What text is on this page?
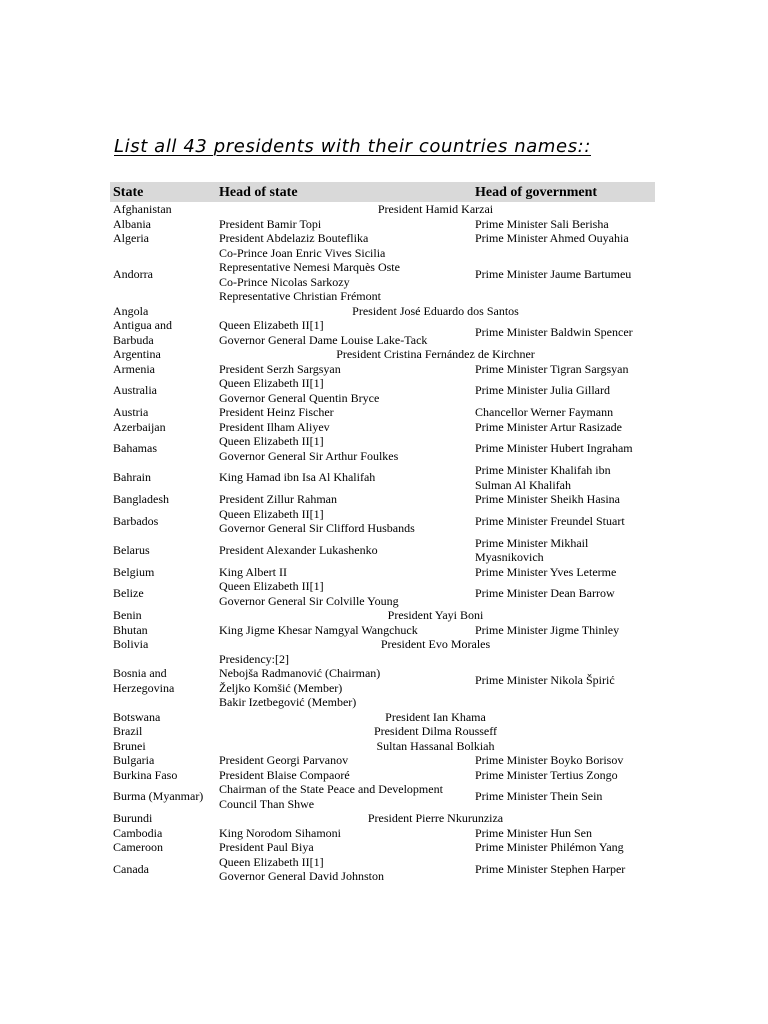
List all 43 presidents with their countries names::
State	Head of state	Head of government

Afghanistan	President Hamid Karzai	

Albania	President Bamir Topi	Prime Minister Sali Berisha

Algeria	President Abdelaziz Bouteflika	Prime Minister Ahmed Ouyahia

Andorra	Co-Prince Joan Enric Vives Sicilia
Representative Nemesi Marquès Oste
Co-Prince Nicolas Sarkozy
Representative Christian Frémont	Prime Minister Jaume Bartumeu

Angola	President José Eduardo dos Santos	

Antigua and
Barbuda	Queen Elizabeth II[1]
Governor General Dame Louise Lake-Tack	Prime Minister Baldwin Spencer

Argentina	President Cristina Fernández de Kirchner	

Armenia	President Serzh Sargsyan	Prime Minister Tigran Sargsyan

Australia	Queen Elizabeth II[1]
Governor General Quentin Bryce	Prime Minister Julia Gillard

Austria	President Heinz Fischer	Chancellor Werner Faymann

Azerbaijan	President Ilham Aliyev	Prime Minister Artur Rasizade

Bahamas	Queen Elizabeth II[1]
Governor General Sir Arthur Foulkes	Prime Minister Hubert Ingraham

Bahrain	King Hamad ibn Isa Al Khalifah	Prime Minister Khalifah ibn
Sulman Al Khalifah

Bangladesh	President Zillur Rahman	Prime Minister Sheikh Hasina

Barbados	Queen Elizabeth II[1]
Governor General Sir Clifford Husbands	Prime Minister Freundel Stuart

Belarus	President Alexander Lukashenko	Prime Minister Mikhail
Myasnikovich

Belgium	King Albert II	Prime Minister Yves Leterme

Belize	Queen Elizabeth II[1]
Governor General Sir Colville Young	Prime Minister Dean Barrow

Benin	President Yayi Boni	

Bhutan	King Jigme Khesar Namgyal Wangchuck	Prime Minister Jigme Thinley

Bolivia	President Evo Morales	

Bosnia and
Herzegovina	Presidency:[2]
Nebojša Radmanović (Chairman)
Željko Komšić (Member)
Bakir Izetbegović (Member)	Prime Minister Nikola Špirić

Botswana	President Ian Khama	

Brazil	President Dilma Rousseff	

Brunei	Sultan Hassanal Bolkiah	

Bulgaria	President Georgi Parvanov	Prime Minister Boyko Borisov

Burkina Faso	President Blaise Compaoré	Prime Minister Tertius Zongo

Burma (Myanmar)	Chairman of the State Peace and Development
Council Than Shwe	Prime Minister Thein Sein

Burundi	President Pierre Nkurunziza	

Cambodia	King Norodom Sihamoni	Prime Minister Hun Sen

Cameroon	President Paul Biya	Prime Minister Philémon Yang

Canada	Queen Elizabeth II[1]
Governor General David Johnston	Prime Minister Stephen Harper
